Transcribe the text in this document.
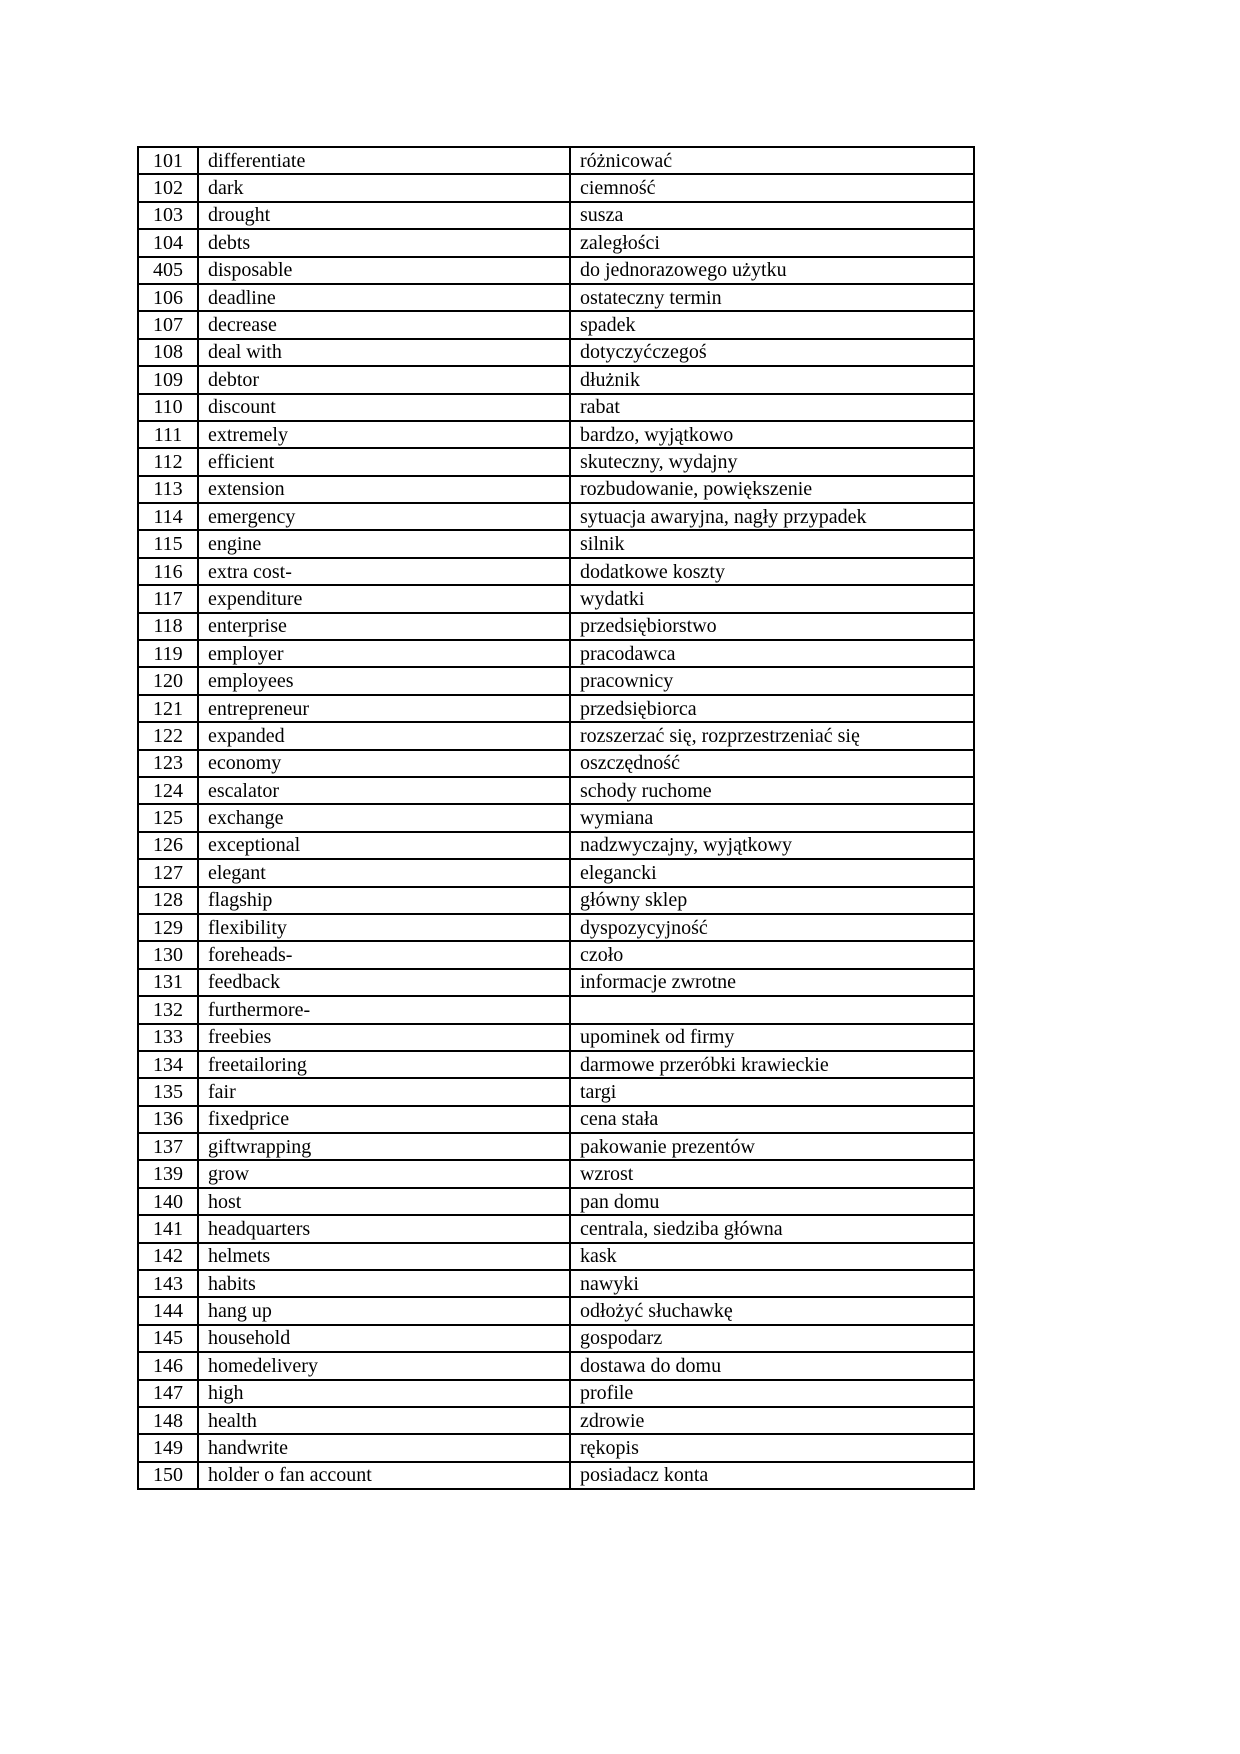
101	differentiate	różnicować
102	dark	ciemność
103	drought	susza
104	debts	zaległości
405	disposable	do jednorazowego użytku
106	deadline	ostateczny termin
107	decrease	spadek
108	deal with	dotyczyćczegoś
109	debtor	dłużnik
110	discount	rabat
111	extremely	bardzo, wyjątkowo
112	efficient	skuteczny, wydajny
113	extension	rozbudowanie, powiększenie
114	emergency	sytuacja awaryjna, nagły przypadek
115	engine	silnik
116	extra cost-	dodatkowe koszty
117	expenditure	wydatki
118	enterprise	przedsiębiorstwo
119	employer	pracodawca
120	employees	pracownicy
121	entrepreneur	przedsiębiorca
122	expanded	rozszerzać się, rozprzestrzeniać się
123	economy	oszczędność
124	escalator	schody ruchome
125	exchange	wymiana
126	exceptional	nadzwyczajny, wyjątkowy
127	elegant	elegancki
128	flagship	główny sklep
129	flexibility	dyspozycyjność
130	foreheads-	czoło
131	feedback	informacje zwrotne
132	furthermore-	
133	freebies	upominek od firmy
134	freetailoring	darmowe przeróbki krawieckie
135	fair	targi
136	fixedprice	cena stała
137	giftwrapping	pakowanie prezentów
139	grow	wzrost
140	host	pan domu
141	headquarters	centrala, siedziba główna
142	helmets	kask
143	habits	nawyki
144	hang up	odłożyć słuchawkę
145	household	gospodarz
146	homedelivery	dostawa do domu
147	high	profile
148	health	zdrowie
149	handwrite	rękopis
150	holder o fan account	posiadacz konta
